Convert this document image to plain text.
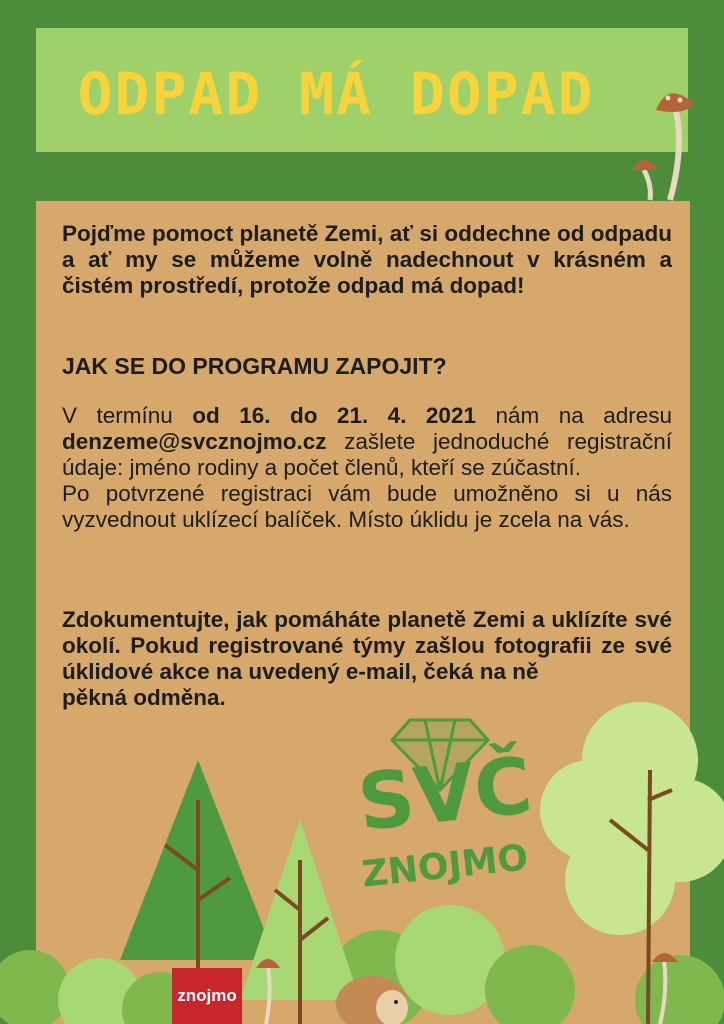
ODPAD MÁ DOPAD
Pojďme pomoct planetě Zemi, ať si oddechne od odpadu a ať my se můžeme volně nadechnout v krásném a čistém prostředí, protože odpad má dopad!
JAK SE DO PROGRAMU ZAPOJIT?
V termínu od 16. do 21. 4. 2021 nám na adresu denzeme@svcznojmo.cz zašlete jednoduché registrační údaje: jméno rodiny a počet členů, kteří se zúčastní.
Po potvrzené registraci vám bude umožněno si u nás vyzvednout uklízecí balíček. Místo úklidu je zcela na vás.
Zdokumentujte, jak pomáháte planetě Zemi a uklízíte své okolí. Pokud registrované týmy zašlou fotografii ze své úklidové akce na uvedený e-mail, čeká na ně
pěkná odměna.
SVČ
ZNOJMO
znojmo
